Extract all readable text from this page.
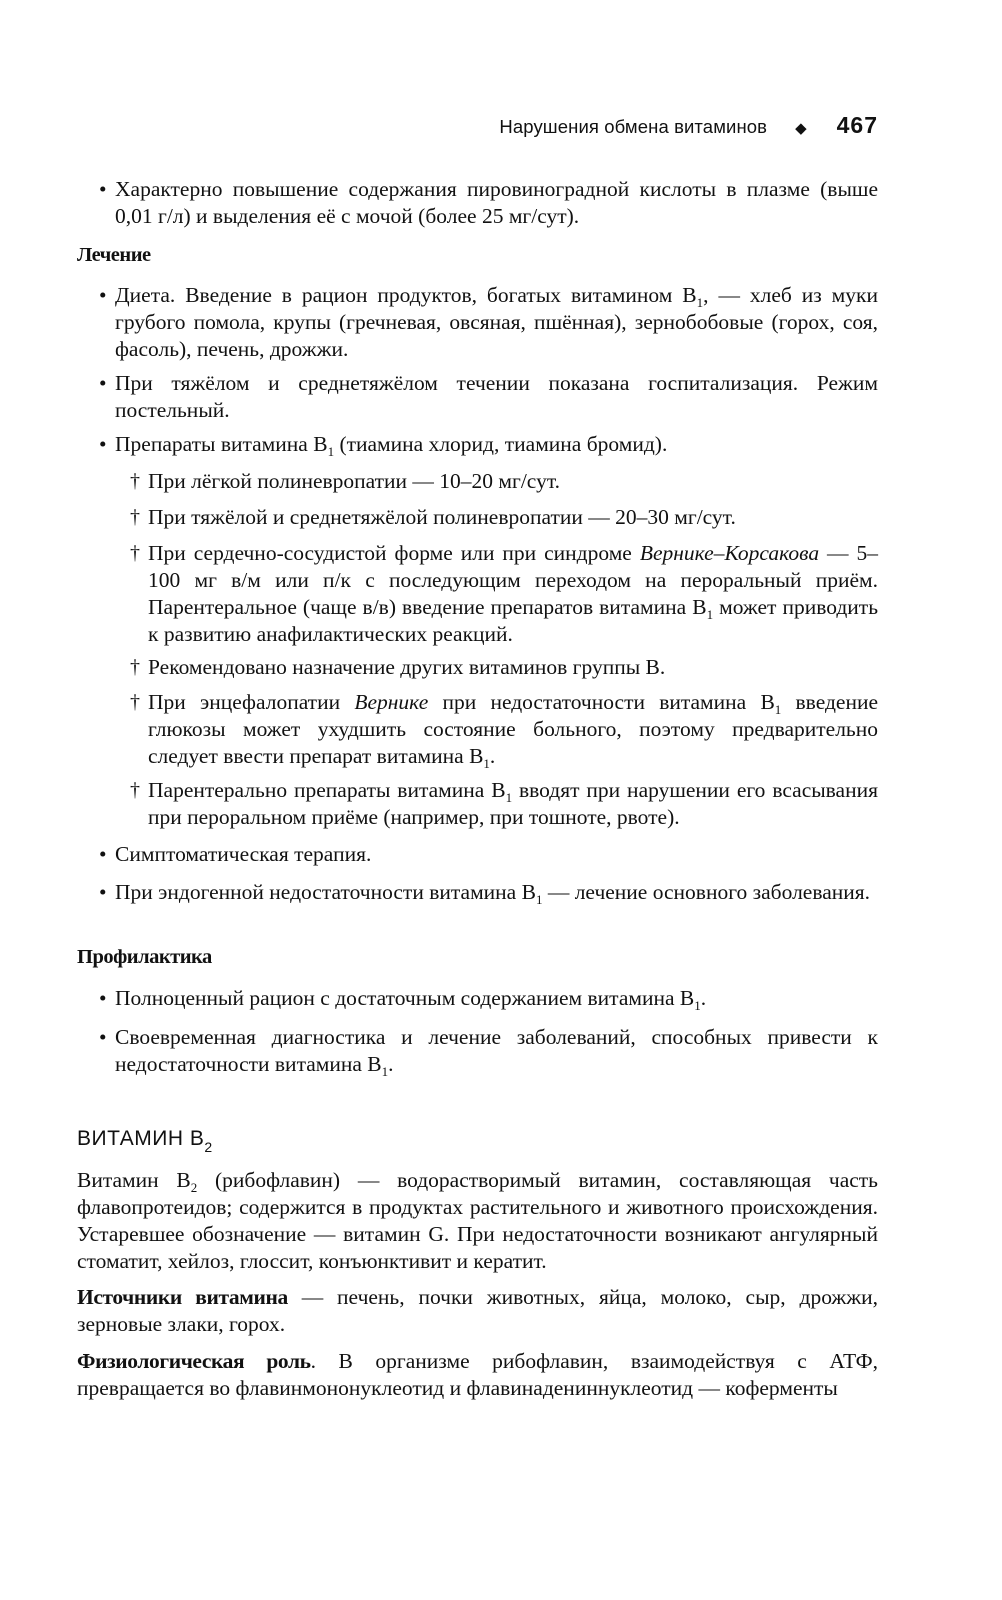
Нарушения обмена витаминов ◆ 467
• Характерно повышение содержания пировиноградной кислоты в плазме (выше 0,01 г/л) и выделения её с мочой (более 25 мг/сут).
Лечение
• Диета. Введение в рацион продуктов, богатых витамином $B_1$, — хлеб из муки грубого помола, крупы (гречневая, овсяная, пшённая), зернобобовые (горох, соя, фасоль), печень, дрожжи.
• При тяжёлом и среднетяжёлом течении показана госпитализация. Режим постельный.
• Препараты витамина $B_1$ (тиамина хлорид, тиамина бромид).
† При лёгкой полиневропатии — 10–20 мг/сут.
† При тяжёлой и среднетяжёлой полиневропатии — 20–30 мг/сут.
† При сердечно-сосудистой форме или при синдроме Вернике–Корсакова — 5–100 мг в/м или п/к с последующим переходом на пероральный приём. Парентеральное (чаще в/в) введение препаратов витамина $B_1$ может приводить к развитию анафилактических реакций.
† Рекомендовано назначение других витаминов группы B.
† При энцефалопатии Вернике при недостаточности витамина $B_1$ введение глюкозы может ухудшить состояние больного, поэтому предварительно следует ввести препарат витамина $B_1$.
† Парентерально препараты витамина $B_1$ вводят при нарушении его всасывания при пероральном приёме (например, при тошноте, рвоте).
• Симптоматическая терапия.
• При эндогенной недостаточности витамина $B_1$ — лечение основного заболевания.
Профилактика
• Полноценный рацион с достаточным содержанием витамина $B_1$.
• Своевременная диагностика и лечение заболеваний, способных привести к недостаточности витамина $B_1$.
ВИТАМИН $B_2$
Витамин $B_2$ (рибофлавин) — водорастворимый витамин, составляющая часть флавопротеидов; содержится в продуктах растительного и животного происхождения. Устаревшее обозначение — витамин G. При недостаточности возникают ангулярный стоматит, хейлоз, глоссит, конъюнктивит и кератит.
Источники витамина — печень, почки животных, яйца, молоко, сыр, дрожжи, зерновые злаки, горох.
Физиологическая роль. В организме рибофлавин, взаимодействуя с АТФ, превращается во флавинмононуклеотид и флавинадениннуклеотид — коферменты
